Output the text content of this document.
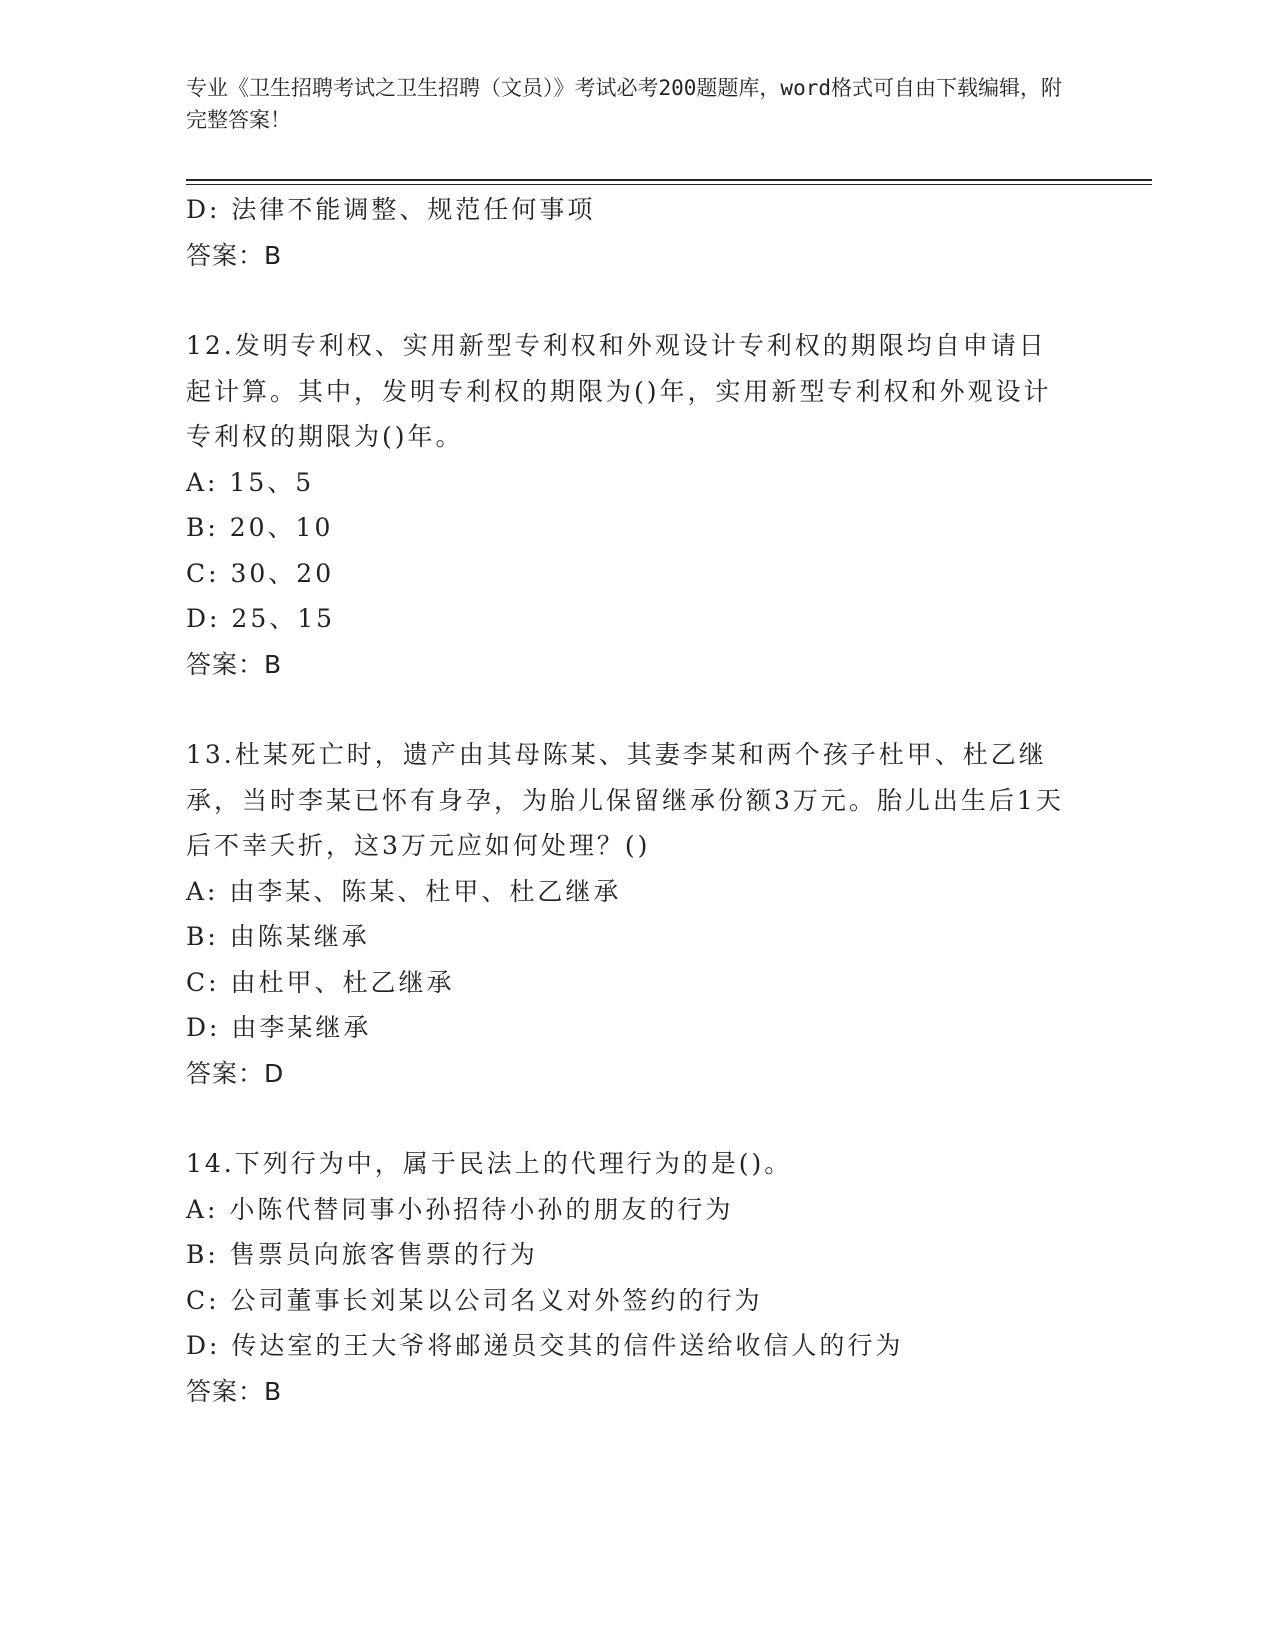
专业《卫生招聘考试之卫生招聘（文员）》考试必考200题题库，word格式可自由下载编辑，附完整答案！
D: 法律不能调整、规范任何事项
答案：B
12.发明专利权、实用新型专利权和外观设计专利权的期限均自申请日起计算。其中，发明专利权的期限为()年，实用新型专利权和外观设计专利权的期限为()年。
A: 15、5
B: 20、10
C: 30、20
D: 25、15
答案：B
13.杜某死亡时，遗产由其母陈某、其妻李某和两个孩子杜甲、杜乙继承，当时李某已怀有身孕，为胎儿保留继承份额3万元。胎儿出生后1天后不幸夭折，这3万元应如何处理？()
A: 由李某、陈某、杜甲、杜乙继承
B: 由陈某继承
C: 由杜甲、杜乙继承
D: 由李某继承
答案：D
14.下列行为中，属于民法上的代理行为的是()。
A: 小陈代替同事小孙招待小孙的朋友的行为
B: 售票员向旅客售票的行为
C: 公司董事长刘某以公司名义对外签约的行为
D: 传达室的王大爷将邮递员交其的信件送给收信人的行为
答案：B
